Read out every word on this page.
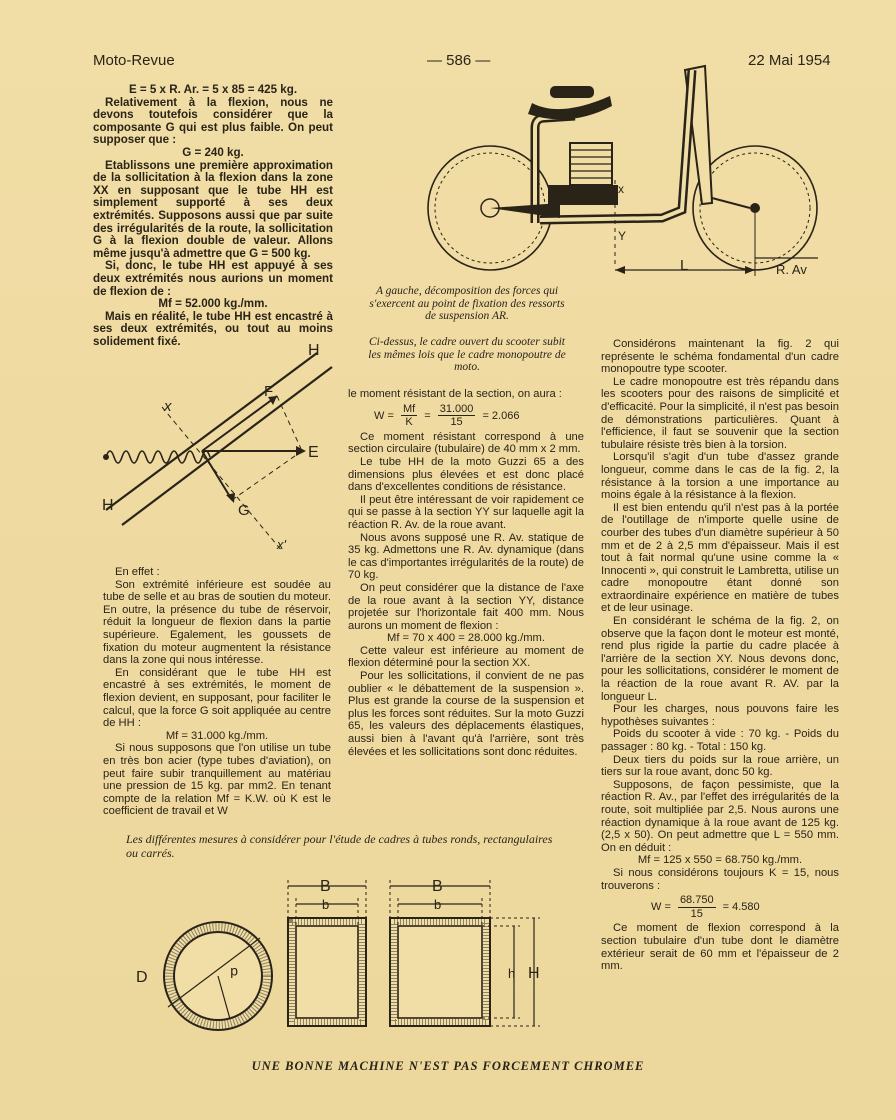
Moto-Revue	— 586 —	22 Mai 1954

E = 5 x R. Ar. = 5 x 85 = 425 kg.

Relativement à la flexion, nous ne devons toutefois considérer que la composante G qui est plus faible. On peut supposer que :

G = 240 kg.

Etablissons une première approximation de la sollicitation à la flexion dans la zone XX en supposant que le tube HH est simplement supporté à ses deux extrémités. Supposons aussi que par suite des irrégularités de la route, la sollicitation G à la flexion double de valeur. Allons même jusqu'à admettre que G = 500 kg.

Si, donc, le tube HH est appuyé à ses deux extrémités nous aurions un moment de flexion de :

Mf = 52.000 kg./mm.

Mais en réalité, le tube HH est encastré à ses deux extrémités, ou tout au moins solidement fixé.

H
H
F
E
G
x
x'

En effet :

Son extrémité inférieure est soudée au tube de selle et au bras de soutien du moteur. En outre, la présence du tube de réservoir, réduit la longueur de flexion dans la partie supérieure. Egalement, les goussets de fixation du moteur augmentent la résistance dans la zone qui nous intéresse.

En considérant que le tube HH est encastré à ses extrémités, le moment de flexion devient, en supposant, pour faciliter le calcul, que la force G soit appliquée au centre de HH :

Mf = 31.000 kg./mm.

Si nous supposons que l'on utilise un tube en très bon acier (type tubes d'aviation), on peut faire subir tranquillement au matériau une pression de 15 kg. par mm2. En tenant compte de la relation Mf = K.W. où K est le coefficient de travail et W

x
Y
L	R. Av
A gauche, décomposition des forces qui s'exercent au point de fixation des ressorts de suspension AR.
Ci-dessus, le cadre ouvert du scooter subit les mêmes lois que le cadre monopoutre de moto.

le moment résistant de la section, on aura :

$W = \frac{Mf}{K} = \frac{31.000}{15} = 2.066$

Ce moment résistant correspond à une section circulaire (tubulaire) de 40 mm x 2 mm.

Le tube HH de la moto Guzzi 65 a des dimensions plus élevées et est donc placé dans d'excellentes conditions de résistance.

Il peut être intéressant de voir rapidement ce qui se passe à la section YY sur laquelle agit la réaction R. Av. de la roue avant.

Nous avons supposé une R. Av. statique de 35 kg. Admettons une R. Av. dynamique (dans le cas d'importantes irrégularités de la route) de 70 kg.

On peut considérer que la distance de l'axe de la roue avant à la section YY, distance projetée sur l'horizontale fait 400 mm. Nous aurons un moment de flexion :

Mf = 70 x 400 = 28.000 kg./mm.

Cette valeur est inférieure au moment de flexion déterminé pour la section XX.

Pour les sollicitations, il convient de ne pas oublier « le débattement de la suspension ». Plus est grande la course de la suspension et plus les forces sont réduites. Sur la moto Guzzi 65, les valeurs des déplacements élastiques, aussi bien à l'avant qu'à l'arrière, sont très élevées et les sollicitations sont donc réduites.

Considérons maintenant la fig. 2 qui représente le schéma fondamental d'un cadre monopoutre type scooter.

Le cadre monopoutre est très répandu dans les scooters pour des raisons de simplicité et d'efficacité. Pour la simplicité, il n'est pas besoin de démonstrations particulières. Quant à l'efficience, il faut se souvenir que la section tubulaire résiste très bien à la torsion.

Lorsqu'il s'agit d'un tube d'assez grande longueur, comme dans le cas de la fig. 2, la résistance à la torsion a une importance au moins égale à la résistance à la flexion.

Il est bien entendu qu'il n'est pas à la portée de l'outillage de n'importe quelle usine de courber des tubes d'un diamètre supérieur à 50 mm et de 2 à 2,5 mm d'épaisseur. Mais il est tout à fait normal qu'une usine comme la « Innocenti », qui construit le Lambretta, utilise un cadre monopoutre étant donné son extraordinaire expérience en matière de tubes et de leur usinage.

En considérant le schéma de la fig. 2, on observe que la façon dont le moteur est monté, rend plus rigide la partie du cadre placée à l'arrière de la section XY. Nous devons donc, pour les sollicitations, considérer le moment de la réaction de la roue avant R. AV. par la longueur L.

Pour les charges, nous pouvons faire les hypothèses suivantes :

Poids du scooter à vide : 70 kg. - Poids du passager : 80 kg. - Total : 150 kg.

Deux tiers du poids sur la roue arrière, un tiers sur la roue avant, donc 50 kg.

Supposons, de façon pessimiste, que la réaction R. Av., par l'effet des irrégularités de la route, soit multipliée par 2,5. Nous aurons une réaction dynamique à la roue avant de 125 kg. (2,5 x 50). On peut admettre que L = 550 mm. On en déduit :

Mf = 125 x 550 = 68.750 kg./mm.

Si nous considérons toujours K = 15, nous trouverons :

$W = \frac{68.750}{15} = 4.580$

Ce moment de flexion correspond à la section tubulaire d'un tube dont le diamètre extérieur serait de 60 mm et l'épaisseur de 2 mm.

Les différentes mesures à considérer pour l'étude de cadres à tubes ronds, rectangulaires ou carrés.
D	d
B
b
B
b
h H
UNE BONNE MACHINE N'EST PAS FORCEMENT CHROMEE
